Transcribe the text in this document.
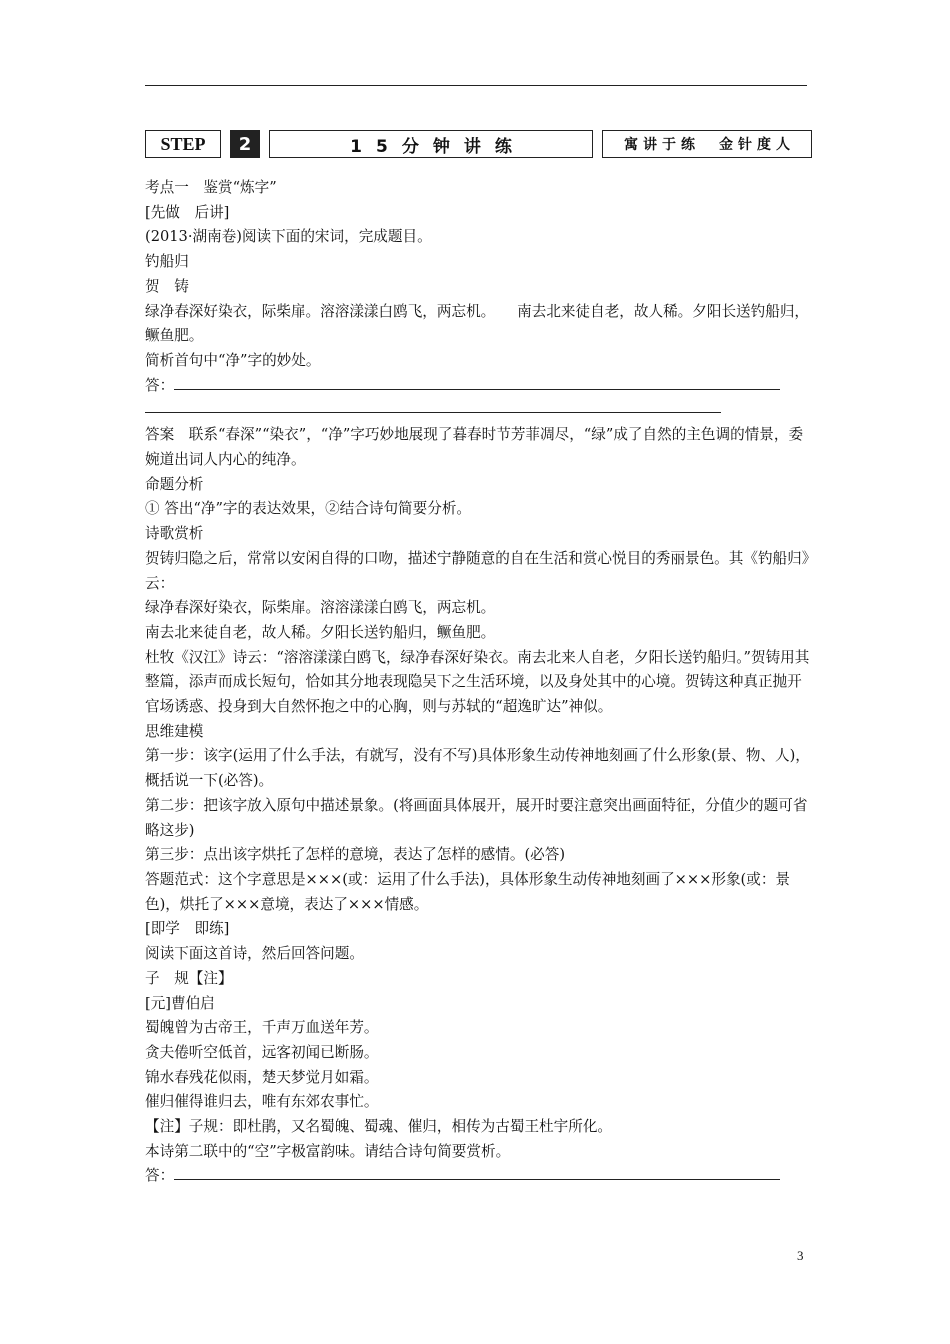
STEP	2	15分钟讲练	寓讲于练　金针度人

考点一　鉴赏“炼字”

[先做　后讲]

(2013·湖南卷)阅读下面的宋词，完成题目。

钓船归

贺　铸

绿净春深好染衣，际柴扉。溶溶漾漾白鸥飞，两忘机。　　南去北来徒自老，故人稀。夕阳长送钓船归，鳜鱼肥。

简析首句中“净”字的妙处。

答：

答案　联系“春深”“染衣”，“净”字巧妙地展现了暮春时节芳菲凋尽，“绿”成了自然的主色调的情景，委婉道出词人内心的纯净。

命题分析

① 答出“净”字的表达效果，②结合诗句简要分析。

诗歌赏析

贺铸归隐之后，常常以安闲自得的口吻，描述宁静随意的自在生活和赏心悦目的秀丽景色。其《钓船归》云：

绿净春深好染衣，际柴扉。溶溶漾漾白鸥飞，两忘机。

南去北来徒自老，故人稀。夕阳长送钓船归，鳜鱼肥。

杜牧《汉江》诗云：“溶溶漾漾白鸥飞，绿净春深好染衣。南去北来人自老，夕阳长送钓船归。”贺铸用其整篇，添声而成长短句，恰如其分地表现隐吴下之生活环境，以及身处其中的心境。贺铸这种真正抛开官场诱惑、投身到大自然怀抱之中的心胸，则与苏轼的“超逸旷达”神似。

思维建模

第一步：该字(运用了什么手法，有就写，没有不写)具体形象生动传神地刻画了什么形象(景、物、人)，概括说一下(必答)。

第二步：把该字放入原句中描述景象。(将画面具体展开，展开时要注意突出画面特征，分值少的题可省略这步)

第三步：点出该字烘托了怎样的意境，表达了怎样的感情。(必答)

答题范式：这个字意思是×××(或：运用了什么手法)，具体形象生动传神地刻画了×××形象(或：景色)，烘托了×××意境，表达了×××情感。

[即学　即练]

阅读下面这首诗，然后回答问题。

子　规【注】

[元]曹伯启

蜀魄曾为古帝王，千声万血送年芳。

贪夫倦听空低首，远客初闻已断肠。

锦水春残花似雨，楚天梦觉月如霜。

催归催得谁归去，唯有东郊农事忙。

【注】子规：即杜鹃，又名蜀魄、蜀魂、催归，相传为古蜀王杜宇所化。

本诗第二联中的“空”字极富韵味。请结合诗句简要赏析。

答：

3
